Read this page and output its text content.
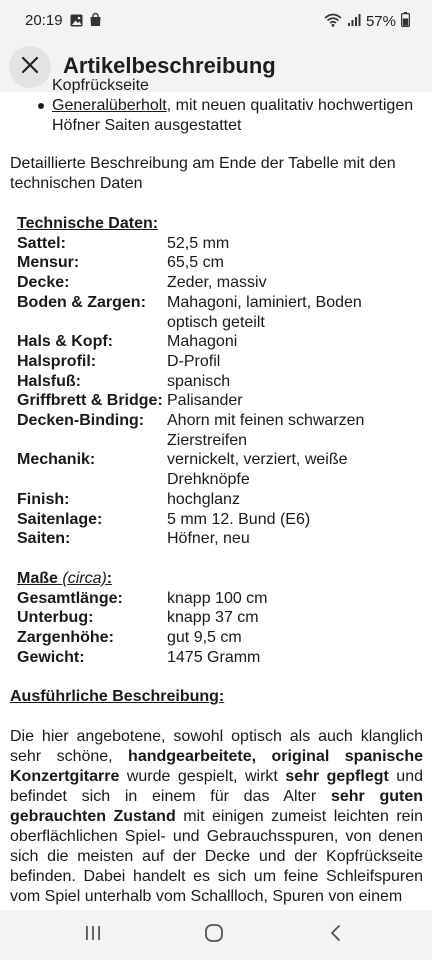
20:19	57%
Artikelbeschreibung
Kopfrückseite
Generalüberholt, mit neuen qualitativ hochwertigen Höfner Saiten ausgestattet

Detaillierte Beschreibung am Ende der Tabelle mit den technischen Daten

Technische Daten:	
Sattel:	52,5 mm
Mensur:	65,5 cm
Decke:	Zeder, massiv
Boden & Zargen:	Mahagoni, laminiert, Boden optisch geteilt
Hals & Kopf:	Mahagoni
Halsprofil:	D-Profil
Halsfuß:	spanisch
Griffbrett & Bridge:	Palisander
Decken-Binding:	Ahorn mit feinen schwarzen Zierstreifen
Mechanik:	vernickelt, verziert, weiße Drehknöpfe
Finish:	hochglanz
Saitenlage:	5 mm 12. Bund (E6)
Saiten:	Höfner, neu

Maße (circa):	
Gesamtlänge:	knapp 100 cm
Unterbug:	knapp 37 cm
Zargenhöhe:	gut 9,5 cm
Gewicht:	1475 Gramm

Ausführliche Beschreibung:

Die hier angebotene, sowohl optisch als auch klanglich sehr schöne, handgearbeitete, original spanische Konzertgitarre wurde gespielt, wirkt sehr gepflegt und befindet sich in einem für das Alter sehr guten gebrauchten Zustand mit einigen zumeist leichten rein oberflächlichen Spiel- und Gebrauchsspuren, von denen sich die meisten auf der Decke und der Kopfrückseite befinden. Dabei handelt es sich um feine Schleifspuren vom Spiel unterhalb vom Schallloch, Spuren von einem
